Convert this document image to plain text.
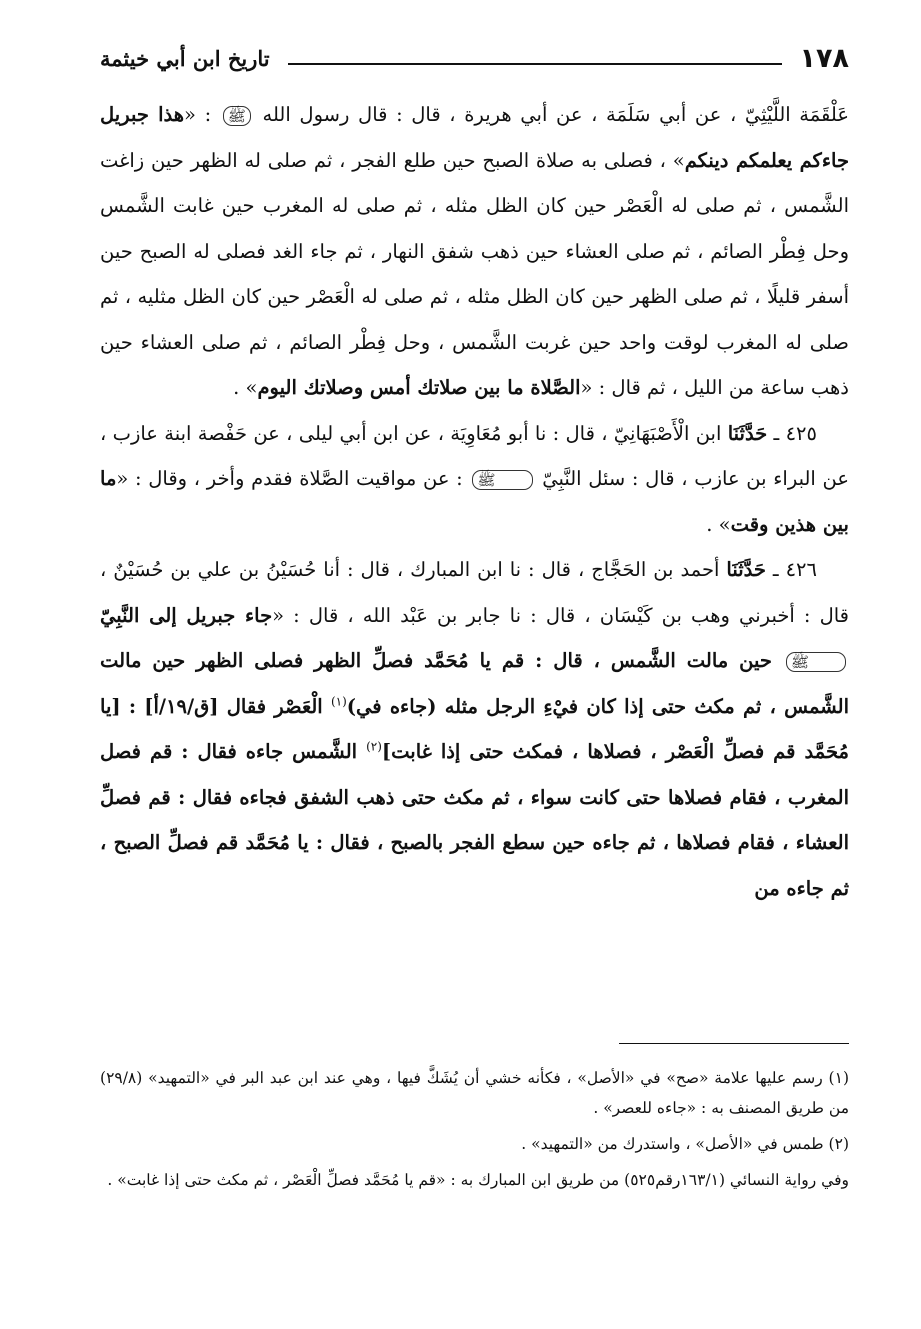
١٧٨
تاريخ ابن أبي خيثمة

عَلْقَمَة اللَّيْثِيّ ، عن أبي سَلَمَة ، عن أبي هريرة ، قال : قال رسول الله ﷺ : «هذا جبريل جاءكم يعلمكم دينكم» ، فصلى به صلاة الصبح حين طلع الفجر ، ثم صلى له الظهر حين زاغت الشَّمس ، ثم صلى له الْعَصْر حين كان الظل مثله ، ثم صلى له المغرب حين غابت الشَّمس وحل فِطْر الصائم ، ثم صلى العشاء حين ذهب شفق النهار ، ثم جاء الغد فصلى له الصبح حين أسفر قليلًا ، ثم صلى الظهر حين كان الظل مثله ، ثم صلى له الْعَصْر حين كان الظل مثليه ، ثم صلى له المغرب لوقت واحد حين غربت الشَّمس ، وحل فِطْر الصائم ، ثم صلى العشاء حين ذهب ساعة من الليل ، ثم قال : «الصَّلاة ما بين صلاتك أمس وصلاتك اليوم» .

٤٢٥ ـ حَدَّثَنَا ابن الْأَصْبَهَانِيّ ، قال : نا أبو مُعَاوِيَة ، عن ابن أبي ليلى ، عن حَفْصة ابنة عازب ، عن البراء بن عازب ، قال : سئل النَّبِيّ ﷺ : عن مواقيت الصَّلاة فقدم وأخر ، وقال : «ما بين هذين وقت» .

٤٢٦ ـ حَدَّثَنَا أحمد بن الحَجَّاج ، قال : نا ابن المبارك ، قال : أنا حُسَيْنُ بن علي بن حُسَيْنٌ ، قال : أخبرني وهب بن كَيْسَان ، قال : نا جابر بن عَبْد الله ، قال : «جاء جبريل إلى النَّبِيّ ﷺ حين مالت الشَّمس ، قال : قم يا مُحَمَّد فصلِّ الظهر فصلى الظهر حين مالت الشَّمس ، ثم مكث حتى إذا كان فيْءِ الرجل مثله (جاءه في)$^{(١)}$ الْعَصْر فقال [ق/١٩/أ] : [يا مُحَمَّد قم فصلِّ الْعَصْر ، فصلاها ، فمكث حتى إذا غابت]$^{(٢)}$ الشَّمس جاءه فقال : قم فصل المغرب ، فقام فصلاها حتى كانت سواء ، ثم مكث حتى ذهب الشفق فجاءه فقال : قم فصلِّ العشاء ، فقام فصلاها ، ثم جاءه حين سطع الفجر بالصبح ، فقال : يا مُحَمَّد قم فصلِّ الصبح ، ثم جاءه من

(١) رسم عليها علامة «صح» في «الأصل» ، فكأنه خشي أن يُشَكَّ فيها ، وهي عند ابن عبد البر في «التمهيد» (٢٩/٨) من طريق المصنف به : «جاءه للعصر» .

(٢) طمس في «الأصل» ، واستدرك من «التمهيد» .

وفي رواية النسائي (١٦٣/١رقم٥٢٥) من طريق ابن المبارك به : «قم يا مُحَمَّد فصلِّ الْعَصْر ، ثم مكث حتى إذا غابت» .
